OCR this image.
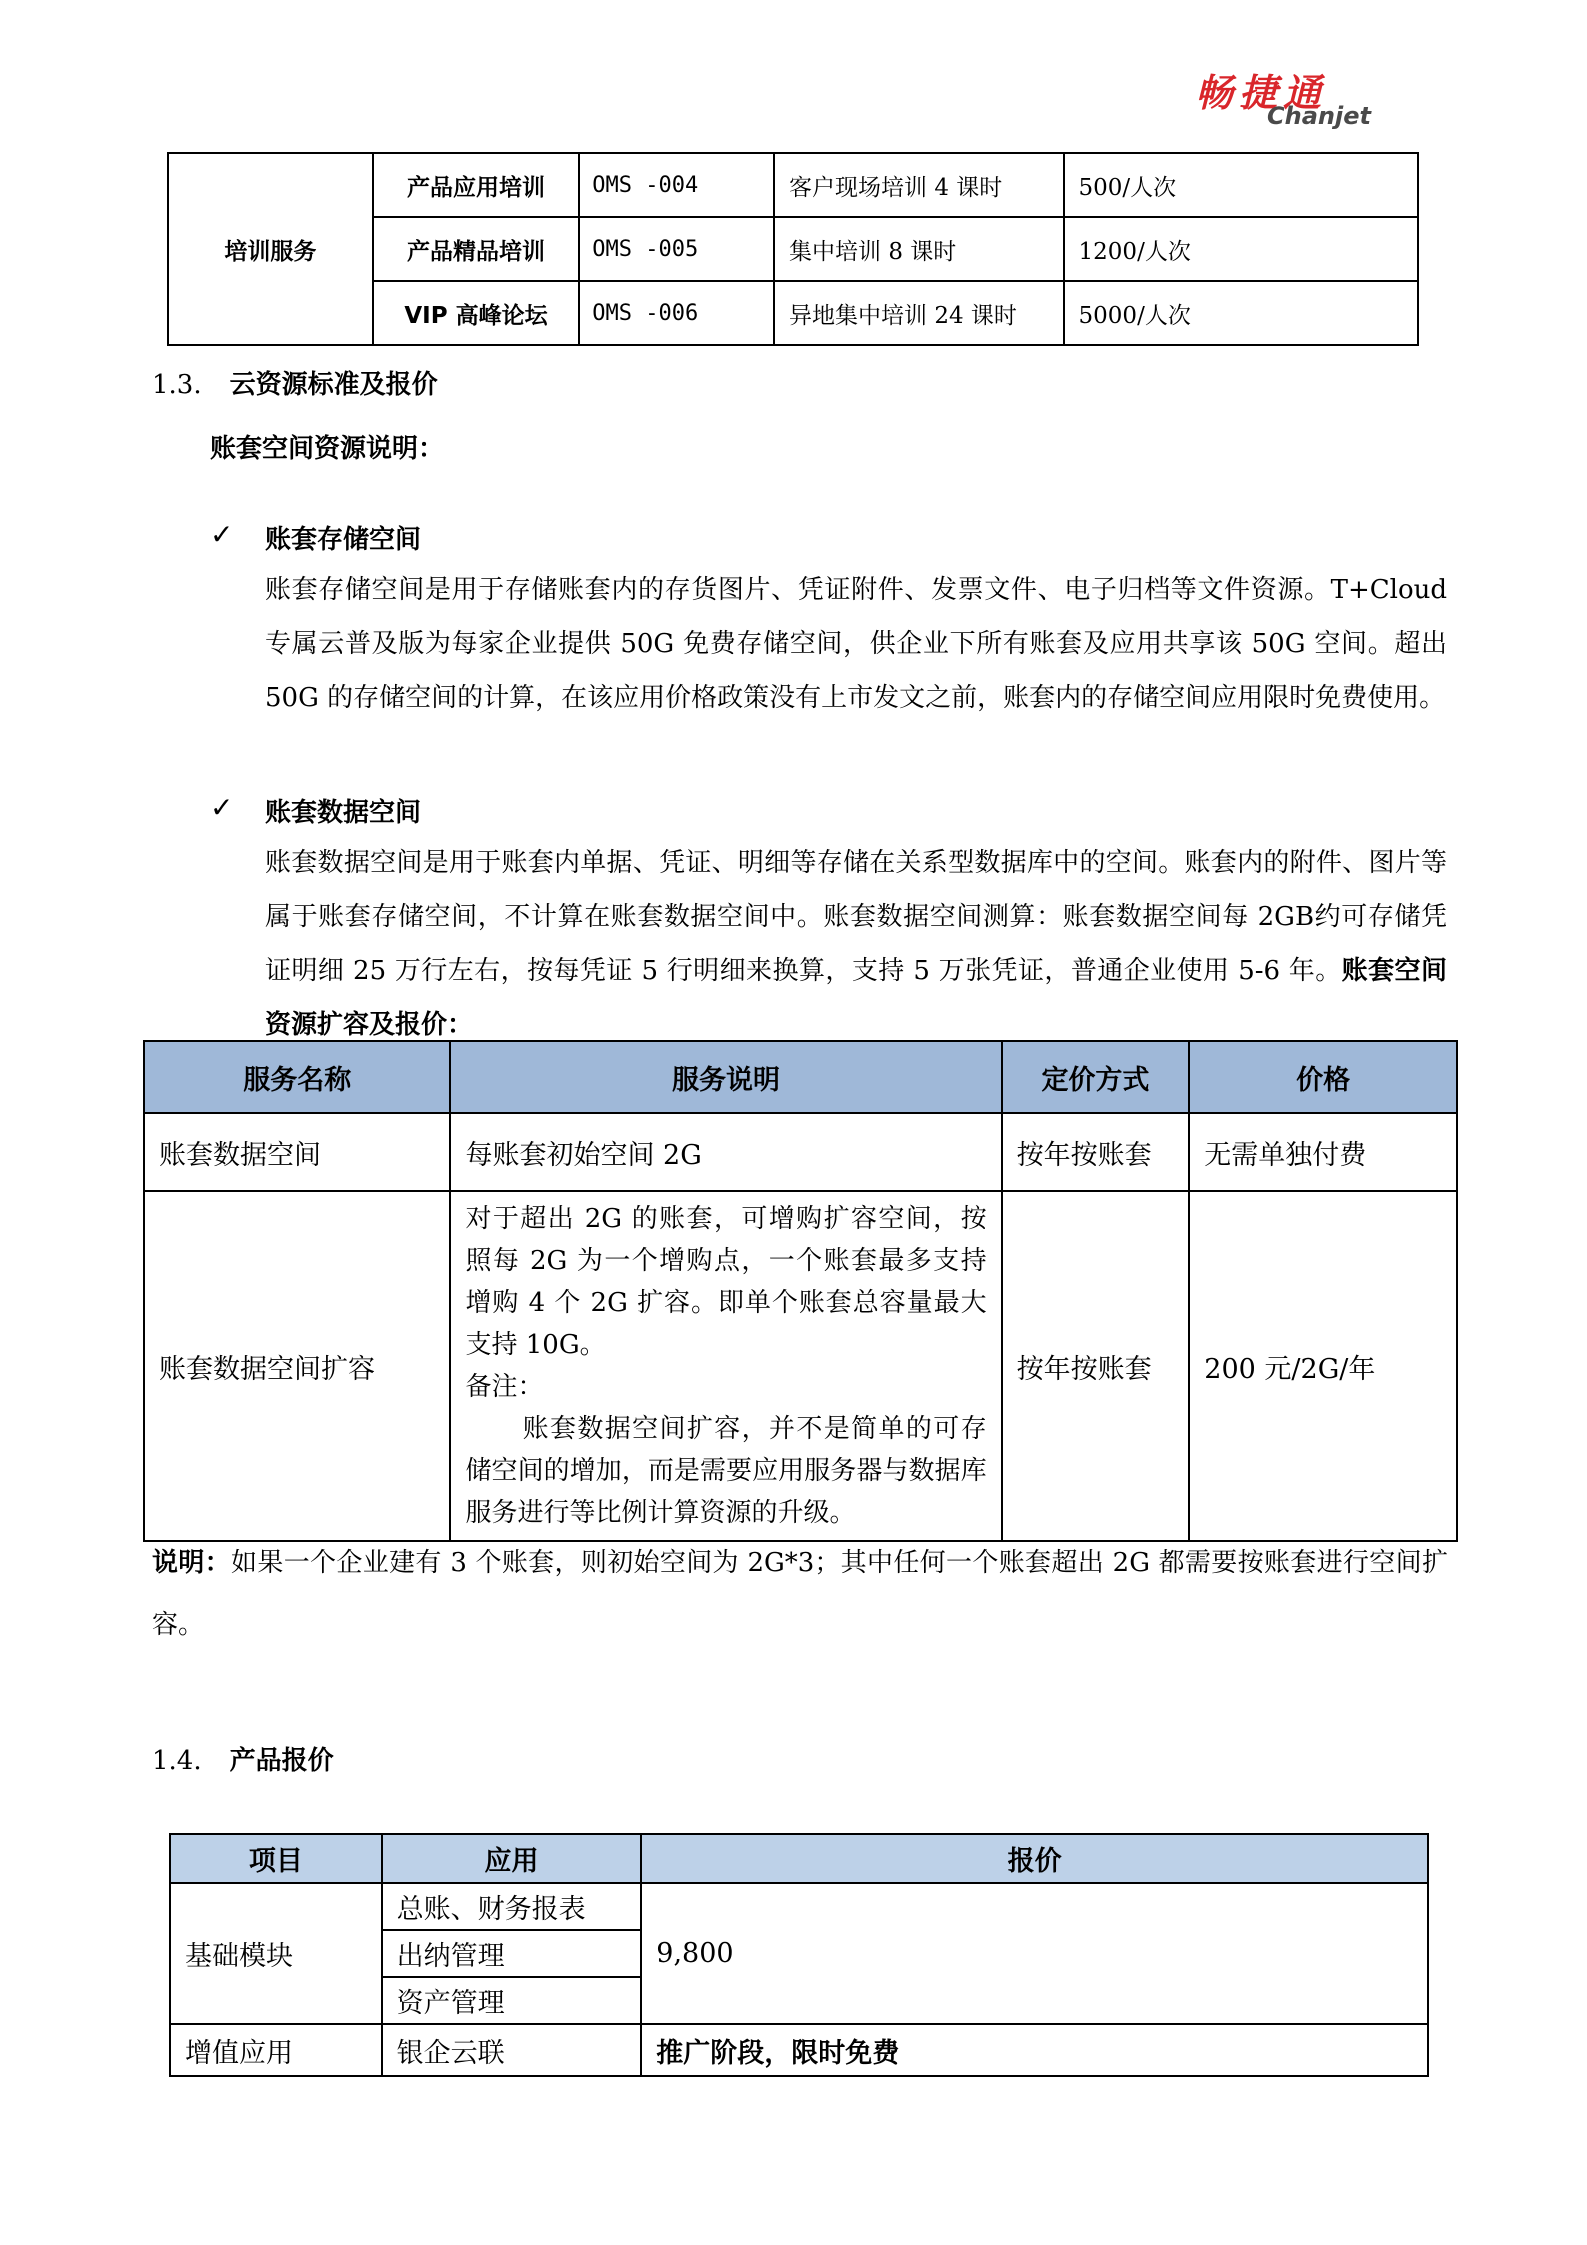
畅捷通
Chanjet
培训服务	产品应用培训	OMS -004	客户现场培训 4 课时	500/人次
	产品精品培训	OMS -005	集中培训 8 课时	1200/人次
	VIP 高峰论坛	OMS -006	异地集中培训 24 课时	5000/人次
1.3. 云资源标准及报价
账套空间资源说明：
✓ 账套存储空间
账套存储空间是用于存储账套内的存货图片、凭证附件、发票文件、电子归档等文件资源。T+Cloud专属云普及版为每家企业提供 50G 免费存储空间，供企业下所有账套及应用共享该 50G 空间。超出 50G 的存储空间的计算，在该应用价格政策没有上市发文之前，账套内的存储空间应用限时免费使用。
✓ 账套数据空间
账套数据空间是用于账套内单据、凭证、明细等存储在关系型数据库中的空间。账套内的附件、图片等属于账套存储空间，不计算在账套数据空间中。账套数据空间测算：账套数据空间每 2GB约可存储凭证明细 25 万行左右，按每凭证 5 行明细来换算，支持 5 万张凭证，普通企业使用 5-6 年。账套空间资源扩容及报价：
服务名称	服务说明	定价方式	价格
账套数据空间	每账套初始空间 2G	按年按账套	无需单独付费
账套数据空间扩容	对于超出 2G 的账套，可增购扩容空间，按照每 2G 为一个增购点，一个账套最多支持增购 4 个 2G 扩容。即单个账套总容量最大支持 10G。
备注：
账套数据空间扩容，并不是简单的可存储空间的增加，而是需要应用服务器与数据库服务进行等比例计算资源的升级。	按年按账套	200 元/2G/年
说明：如果一个企业建有 3 个账套，则初始空间为 2G*3；其中任何一个账套超出 2G 都需要按账套进行空间扩容。
1.4. 产品报价
项目	应用	报价
基础模块	总账、财务报表	9,800
	出纳管理	
	资产管理	
增值应用	银企云联	推广阶段，限时免费
